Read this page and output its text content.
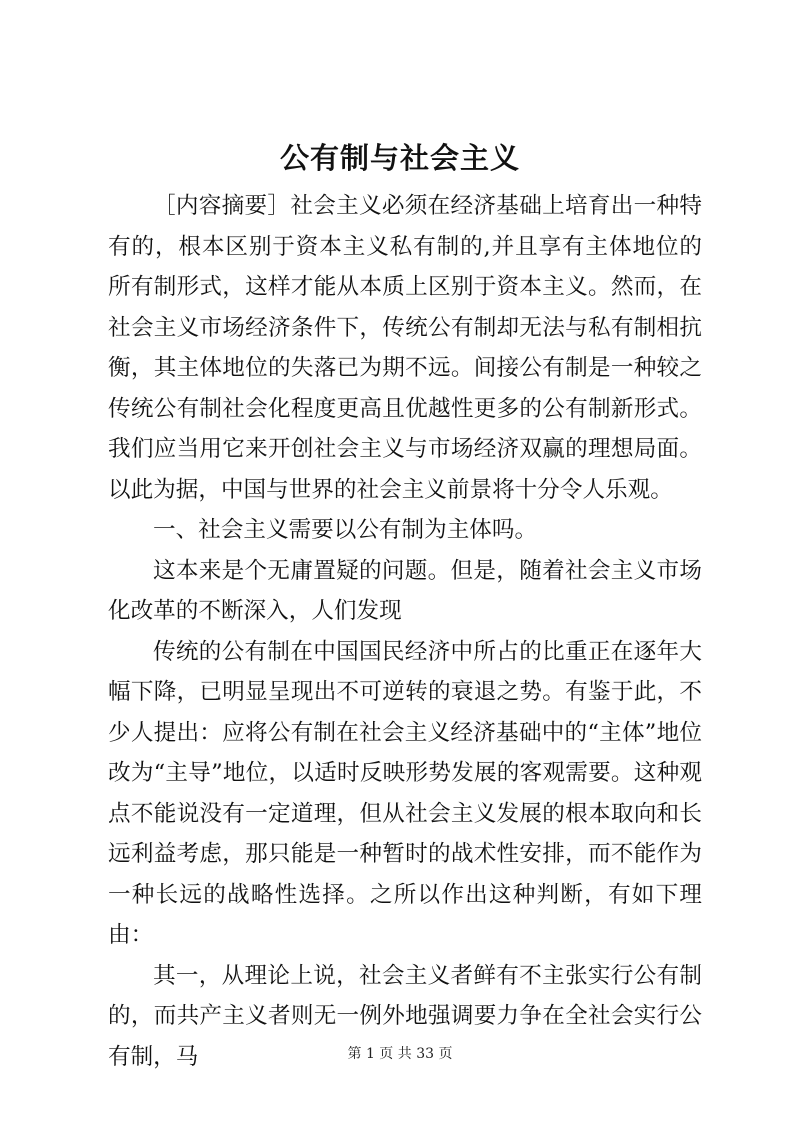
公有制与社会主义

［内容摘要］社会主义必须在经济基础上培育出一种特有的，根本区别于资本主义私有制的,并且享有主体地位的所有制形式，这样才能从本质上区别于资本主义。然而，在社会主义市场经济条件下，传统公有制却无法与私有制相抗衡，其主体地位的失落已为期不远。间接公有制是一种较之传统公有制社会化程度更高且优越性更多的公有制新形式。我们应当用它来开创社会主义与市场经济双赢的理想局面。以此为据，中国与世界的社会主义前景将十分令人乐观。

一、社会主义需要以公有制为主体吗。

这本来是个无庸置疑的问题。但是，随着社会主义市场化改革的不断深入，人们发现

传统的公有制在中国国民经济中所占的比重正在逐年大幅下降，已明显呈现出不可逆转的衰退之势。有鉴于此，不少人提出：应将公有制在社会主义经济基础中的“主体”地位改为“主导”地位，以适时反映形势发展的客观需要。这种观点不能说没有一定道理，但从社会主义发展的根本取向和长远利益考虑，那只能是一种暂时的战术性安排，而不能作为一种长远的战略性选择。之所以作出这种判断，有如下理由：

其一，从理论上说，社会主义者鲜有不主张实行公有制的，而共产主义者则无一例外地强调要力争在全社会实行公有制，马	第 1 页 共 33 页
